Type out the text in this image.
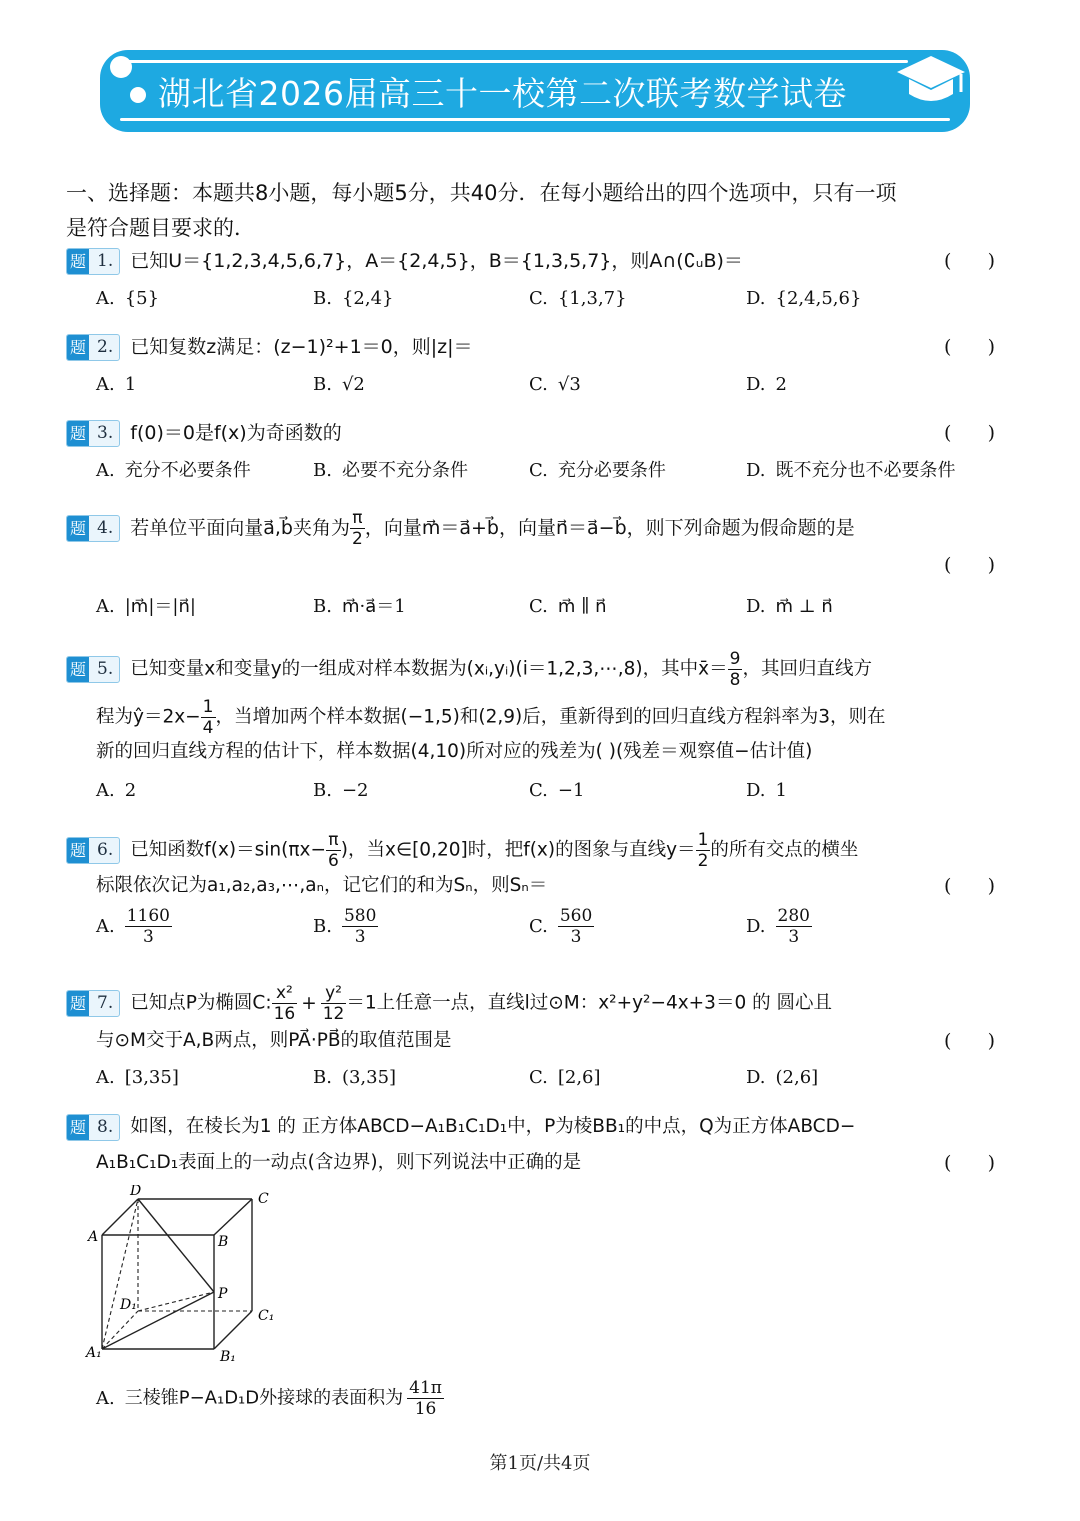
湖北省2026届高三十一校第二次联考数学试卷
一、选择题：本题共8小题，每小题5分，共40分．在每小题给出的四个选项中，只有一项
是符合题目要求的．
题 1. 已知U＝{1,2,3,4,5,6,7}，A＝{2,4,5}，B＝{1,3,5,7}，则A∩(∁ᵤB)＝	(      )
A. {5}	B. {2,4}	C. {1,3,7}	D. {2,4,5,6}
题 2. 已知复数z满足：(z−1)²+1＝0，则|z|＝	(      )
A. 1	B. √2	C. √3	D. 2
题 3. f(0)＝0是f(x)为奇函数的	(      )
A. 充分不必要条件	B. 必要不充分条件	C. 充分必要条件	D. 既不充分也不必要条件
题 4. 若单位平面向量a⃗,b⃗夹角为 $\frac{\pi}{2}$ ，向量m⃗＝a⃗+b⃗，向量n⃗＝a⃗−b⃗，则下列命题为假命题的是
(      )
A. |m⃗|＝|n⃗|	B. m⃗·a⃗＝1	C. m⃗ ∥ n⃗	D. m⃗ ⊥ n⃗
题 5. 已知变量x和变量y的一组成对样本数据为(xᵢ,yᵢ)(i＝1,2,3,⋯,8)，其中x̄＝ $\frac{9}{8}$ ，其回归直线方
程为ŷ＝2x− $\frac{1}{4}$ ，当增加两个样本数据(−1,5)和(2,9)后，重新得到的回归直线方程斜率为3，则在
新的回归直线方程的估计下，样本数据(4,10)所对应的残差为( )(残差＝观察值−估计值)
A. 2	B. −2	C. −1	D. 1
题 6. 已知函数$f(x)=\sin(\pi x- \frac{\pi}{6}$ )，当x∈[0,20]时，把f(x)的图象与直线$y= \frac{1}{2}$ 的所有交点的横坐
标限依次记为a₁,a₂,a₃,⋯,aₙ，记它们的和为Sₙ，则Sₙ＝	(      )
A. $\frac{1160}{3}$	B. $\frac{580}{3}$	C. $\frac{560}{3}$	D. $\frac{280}{3}$
题 7. 已知点P为椭圆C: $\frac{\text{x²}}{16} + \frac{\text{y²}}{12} =1$上任意一点，直线l过⊙M：x²+y²−4x+3＝0 的 圆心且
与⊙M交于A,B两点，则PA⃗·PB⃗的取值范围是	(      )
A. [3,35]	B. (3,35]	C. [2,6]	D. (2,6]
题 8. 如图，在棱长为1 的 正方体ABCD−A₁B₁C₁D₁中，P为棱BB₁的中点，Q为正方体ABCD−
A₁B₁C₁D₁表面上的一动点(含边界)，则下列说法中正确的是	(      )
D	C
A	B
P
D₁
C₁
A₁	B₁
A. 三棱锥P−A₁D₁D外接球的表面积为 $\frac{41\pi}{16}$
第1页/共4页
